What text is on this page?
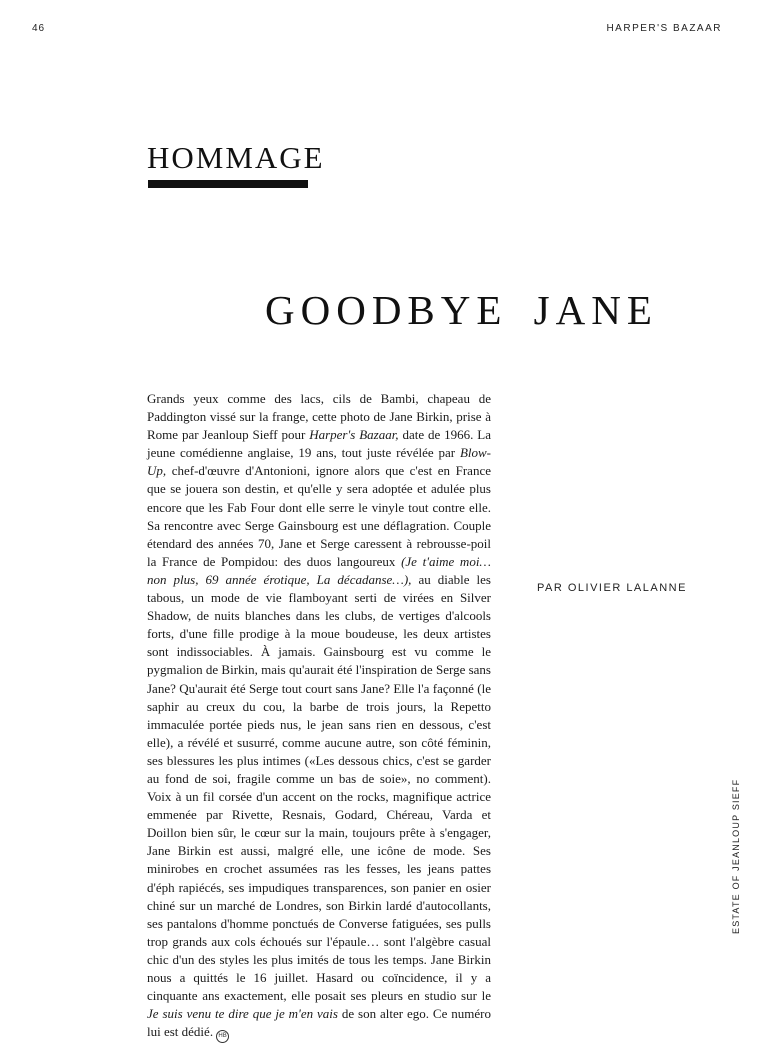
46	HARPER'S BAZAAR
HOMMAGE
GOODBYE JANE
PAR OLIVIER LALANNE

Grands yeux comme des lacs, cils de Bambi, chapeau de Paddington vissé sur la frange, cette photo de Jane Birkin, prise à Rome par Jeanloup Sieff pour Harper's Bazaar, date de 1966. La jeune comédienne anglaise, 19 ans, tout juste révélée par Blow-Up, chef-d'œuvre d'Antonioni, ignore alors que c'est en France que se jouera son destin, et qu'elle y sera adoptée et adulée plus encore que les Fab Four dont elle serre le vinyle tout contre elle. Sa rencontre avec Serge Gainsbourg est une déflagration. Couple étendard des années 70, Jane et Serge caressent à rebrousse-poil la France de Pompidou: des duos langoureux (Je t'aime moi… non plus, 69 année érotique, La décadanse…), au diable les tabous, un mode de vie flamboyant serti de virées en Silver Shadow, de nuits blanches dans les clubs, de vertiges d'alcools forts, d'une fille prodige à la moue boudeuse, les deux artistes sont indissociables. À jamais. Gainsbourg est vu comme le pygmalion de Birkin, mais qu'aurait été l'inspiration de Serge sans Jane? Qu'aurait été Serge tout court sans Jane? Elle l'a façonné (le saphir au creux du cou, la barbe de trois jours, la Repetto immaculée portée pieds nus, le jean sans rien en dessous, c'est elle), a révélé et susurré, comme aucune autre, son côté féminin, ses blessures les plus intimes («Les dessous chics, c'est se garder au fond de soi, fragile comme un bas de soie», no comment). Voix à un fil corsée d'un accent on the rocks, magnifique actrice emmenée par Rivette, Resnais, Godard, Chéreau, Varda et Doillon bien sûr, le cœur sur la main, toujours prête à s'engager, Jane Birkin est aussi, malgré elle, une icône de mode. Ses minirobes en crochet assumées ras les fesses, les jeans pattes d'éph rapiécés, ses impudiques transparences, son panier en osier chiné sur un marché de Londres, son Birkin lardé d'autocollants, ses pantalons d'homme ponctués de Converse fatiguées, ses pulls trop grands aux cols échoués sur l'épaule… sont l'algèbre casual chic d'un des styles les plus imités de tous les temps. Jane Birkin nous a quittés le 16 juillet. Hasard ou coïncidence, il y a cinquante ans exactement, elle posait ses pleurs en studio sur le Je suis venu te dire que je m'en vais de son alter ego. Ce numéro lui est dédié. HB

ESTATE OF JEANLOUP SIEFF
